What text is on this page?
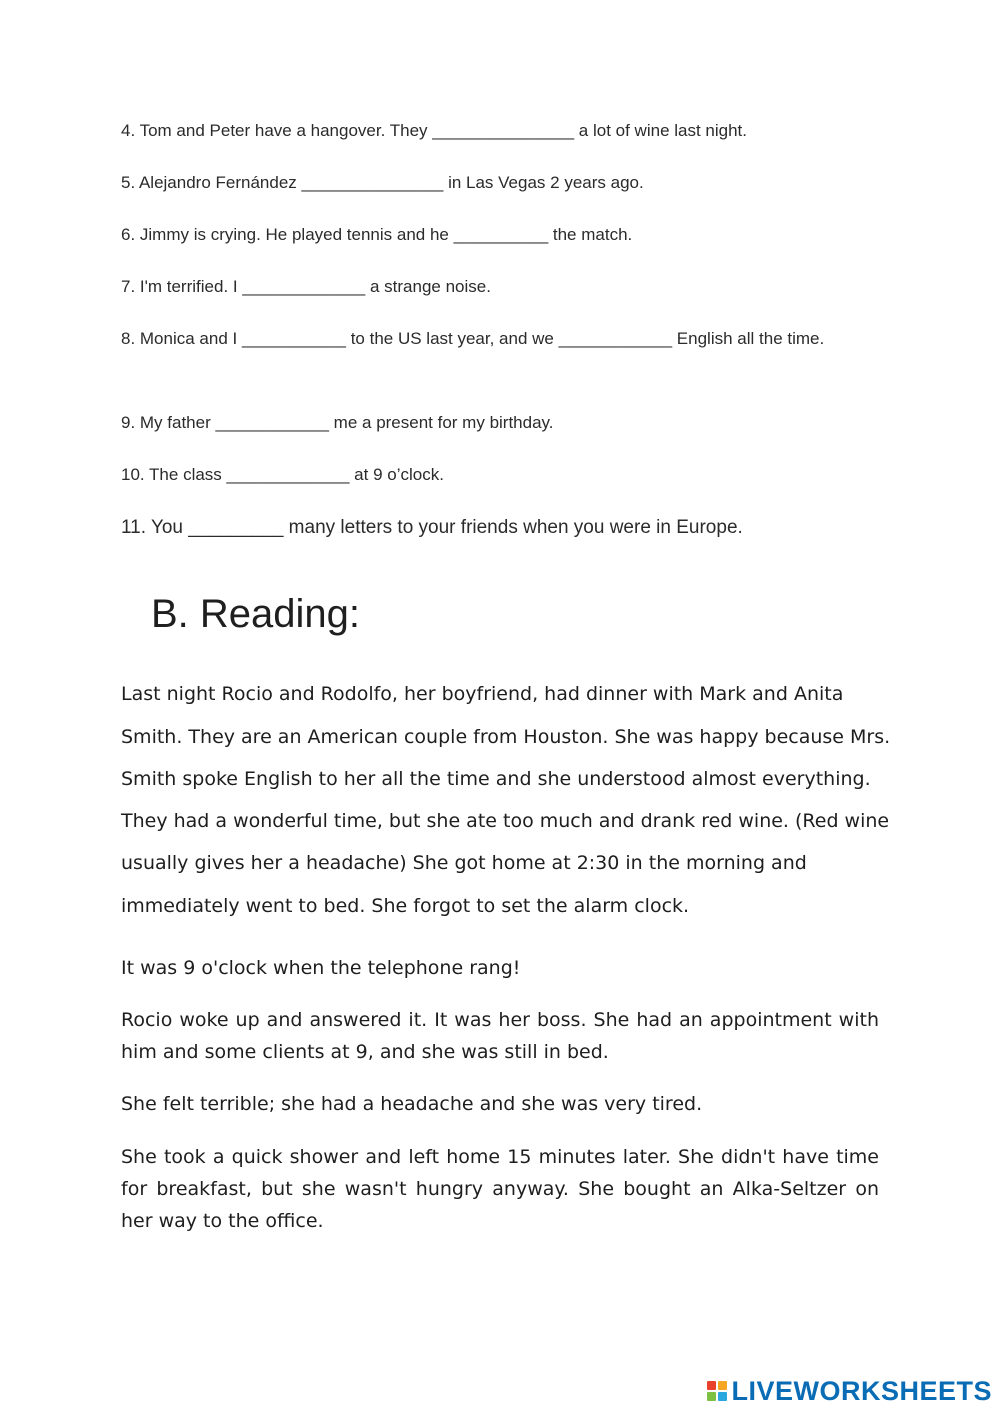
4. Tom and Peter have a hangover. They _______________ a lot of wine last night.
5. Alejandro Fernández _______________ in Las Vegas 2 years ago.
6. Jimmy is crying. He played tennis and he __________ the match.
7. I'm terrified. I _____________ a strange noise.
8. Monica and I ___________ to the US last year, and we ____________ English all the time.
9. My father ____________ me a present for my birthday.
10. The class _____________ at 9 o’clock.
11. You _________ many letters to your friends when you were in Europe.
B. Reading:
Last night Rocio and Rodolfo, her boyfriend, had dinner with Mark and Anita
Smith. They are an American couple from Houston. She was happy because Mrs.
Smith spoke English to her all the time and she understood almost everything.
They had a wonderful time, but she ate too much and drank red wine. (Red wine
usually gives her a headache) She got home at 2:30 in the morning and
immediately went to bed. She forgot to set the alarm clock.
It was 9 o'clock when the telephone rang!
Rocio woke up and answered it. It was her boss. She had an appointment with him and some clients at 9, and she was still in bed.
She felt terrible; she had a headache and she was very tired.
She took a quick shower and left home 15 minutes later. She didn't have time for breakfast, but she wasn't hungry anyway. She bought an Alka-Seltzer on her way to the office.
LIVEWORKSHEETS
